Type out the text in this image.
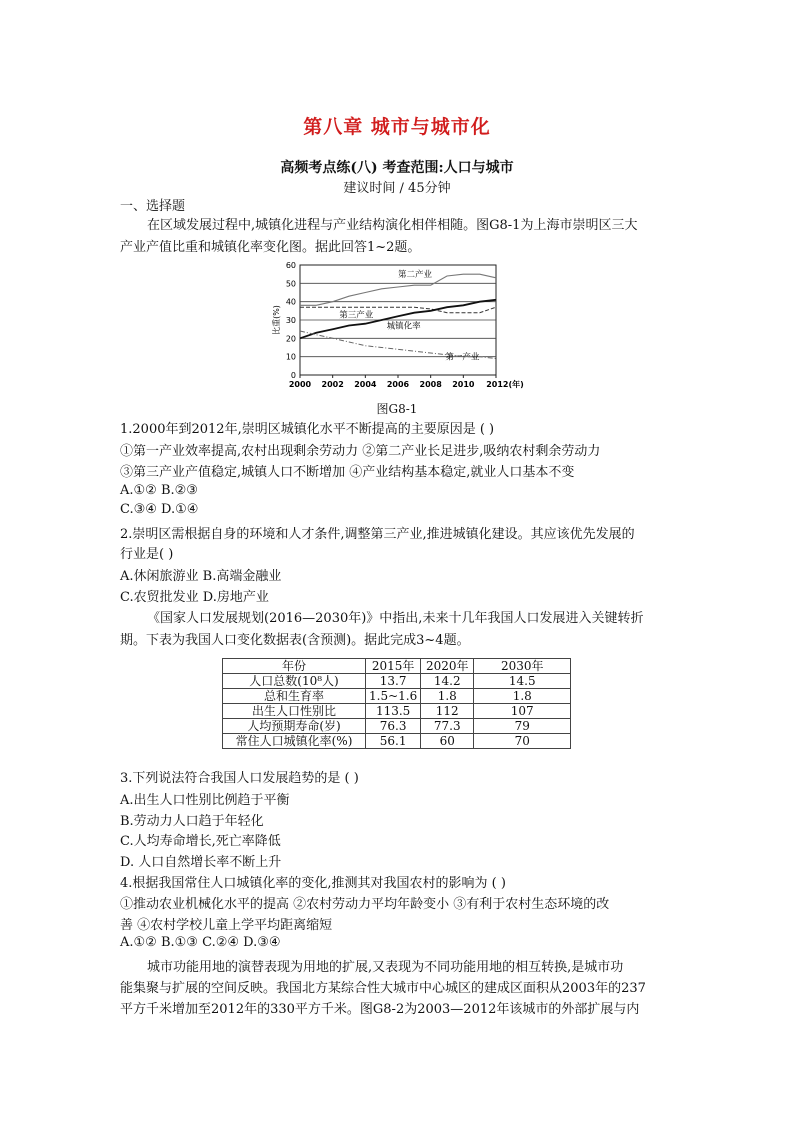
第八章 城市与城市化
高频考点练(八) 考查范围:人口与城市
建议时间 / 45分钟
一、选择题
在区域发展过程中,城镇化进程与产业结构演化相伴相随。图G8-1为上海市崇明区三大
产业产值比重和城镇化率变化图。据此回答1~2题。
比重(%)
0
10
20
30
40
50
60
2000 2002 2004 2006 2008 2010 2012(年)
第二产业
第三产业
城镇化率
第一产业
图G8-1
1.2000年到2012年,崇明区城镇化水平不断提高的主要原因是 ( )
①第一产业效率提高,农村出现剩余劳动力 ②第二产业长足进步,吸纳农村剩余劳动力
③第三产业产值稳定,城镇人口不断增加 ④产业结构基本稳定,就业人口基本不变
A.①② B.②③
C.③④ D.①④
2.崇明区需根据自身的环境和人才条件,调整第三产业,推进城镇化建设。其应该优先发展的
行业是( )
A.休闲旅游业 B.高端金融业
C.农贸批发业 D.房地产业
《国家人口发展规划(2016—2030年)》中指出,未来十几年我国人口发展进入关键转折
期。下表为我国人口变化数据表(含预测)。据此完成3~4题。
年份	2015年	2020年	2030年
人口总数(10⁸人)	13.7	14.2	14.5
总和生育率	1.5~1.6	1.8	1.8
出生人口性别比	113.5	112	107
人均预期寿命(岁)	76.3	77.3	79
常住人口城镇化率(%)	56.1	60	70
3.下列说法符合我国人口发展趋势的是 ( )
A.出生人口性别比例趋于平衡
B.劳动力人口趋于年轻化
C.人均寿命增长,死亡率降低
D. 人口自然增长率不断上升
4.根据我国常住人口城镇化率的变化,推测其对我国农村的影响为 ( )
①推动农业机械化水平的提高 ②农村劳动力平均年龄变小 ③有利于农村生态环境的改
善 ④农村学校儿童上学平均距离缩短
A.①② B.①③ C.②④ D.③④
城市功能用地的演替表现为用地的扩展,又表现为不同功能用地的相互转换,是城市功
能集聚与扩展的空间反映。我国北方某综合性大城市中心城区的建成区面积从2003年的237
平方千米增加至2012年的330平方千米。图G8-2为2003—2012年该城市的外部扩展与内
